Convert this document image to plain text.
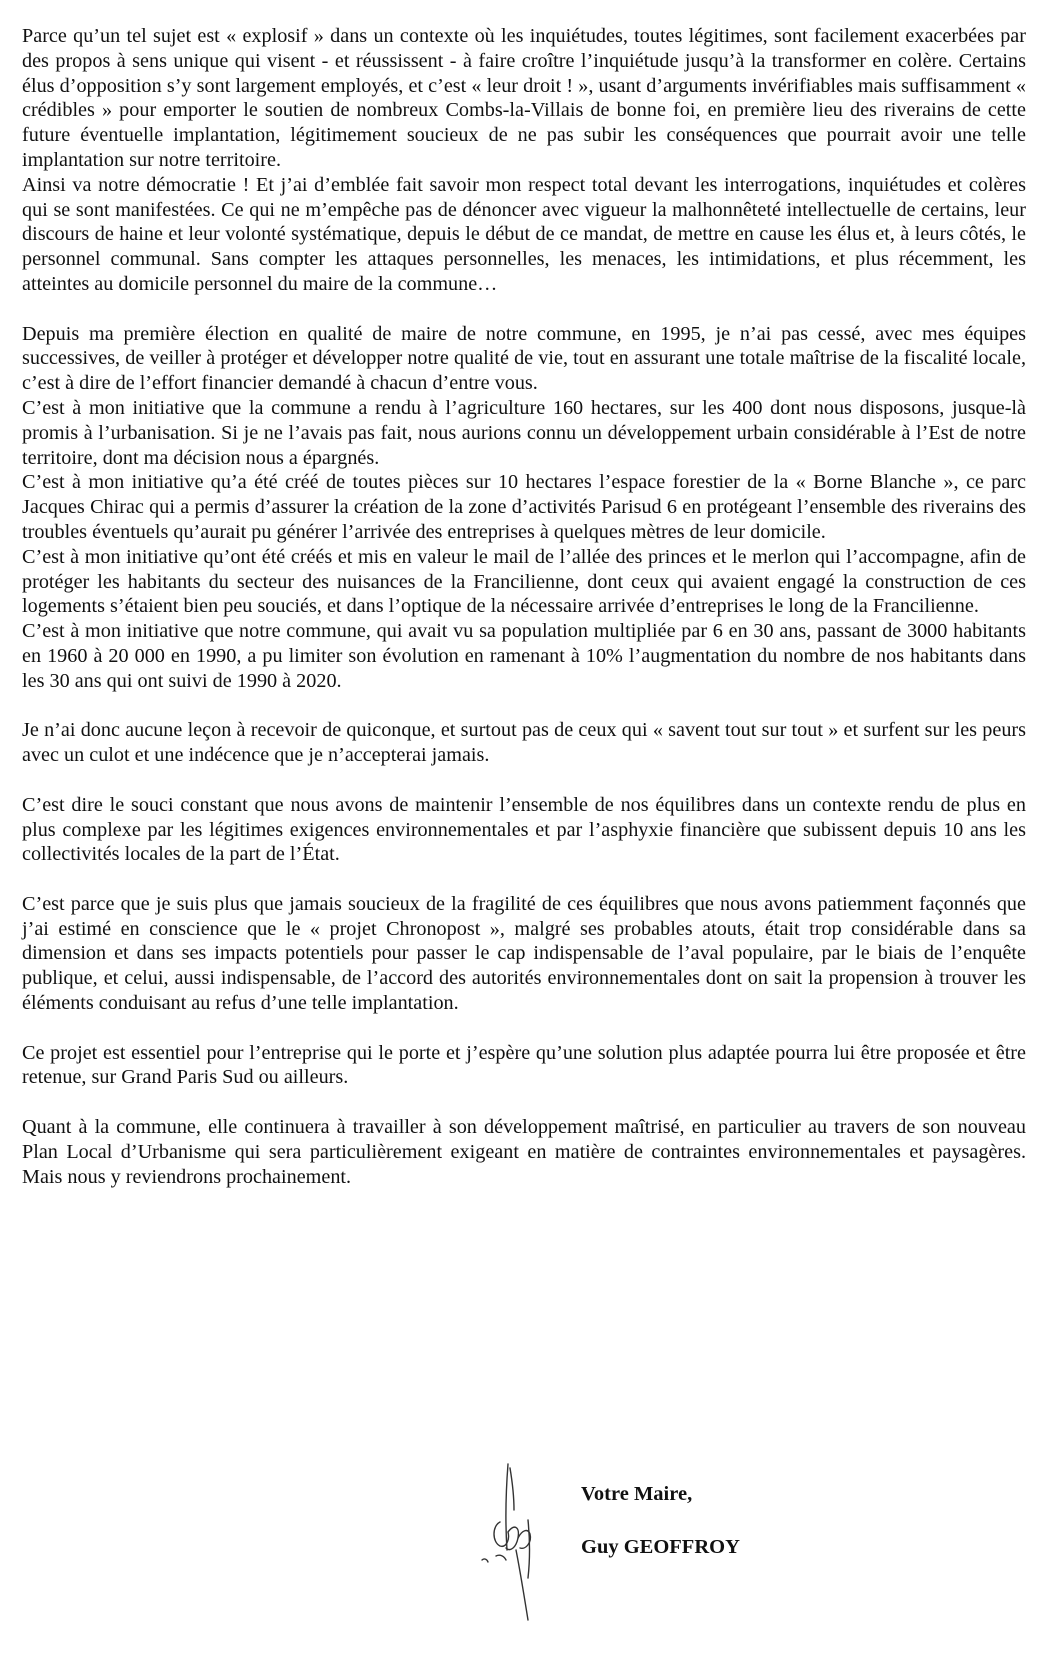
Parce qu’un tel sujet est « explosif » dans un contexte où les inquiétudes, toutes légitimes, sont facilement exacerbées par des propos à sens unique qui visent - et réussissent - à faire croître l’inquiétude jusqu’à la transformer en colère. Certains élus d’opposition s’y sont largement employés, et c’est « leur droit ! », usant d’arguments invérifiables mais suffisamment « crédibles » pour emporter le soutien de nombreux Combs-la-Villais de bonne foi, en première lieu des riverains de cette future éventuelle implantation, légitimement soucieux de ne pas subir les conséquences que pourrait avoir une telle implantation sur notre territoire.

Ainsi va notre démocratie ! Et j’ai d’emblée fait savoir mon respect total devant les interrogations, inquiétudes et colères qui se sont manifestées. Ce qui ne m’empêche pas de dénoncer avec vigueur la malhonnêteté intellectuelle de certains, leur discours de haine et leur volonté systématique, depuis le début de ce mandat, de mettre en cause les élus et, à leurs côtés, le personnel communal. Sans compter les attaques personnelles, les menaces, les intimidations, et plus récemment, les atteintes au domicile personnel du maire de la commune…

Depuis ma première élection en qualité de maire de notre commune, en 1995, je n’ai pas cessé, avec mes équipes successives, de veiller à protéger et développer notre qualité de vie, tout en assurant une totale maîtrise de la fiscalité locale, c’est à dire de l’effort financier demandé à chacun d’entre vous.

C’est à mon initiative que la commune a rendu à l’agriculture 160 hectares, sur les 400 dont nous disposons, jusque-là promis à l’urbanisation. Si je ne l’avais pas fait, nous aurions connu un développement urbain considérable à l’Est de notre territoire, dont ma décision nous a épargnés.

C’est à mon initiative qu’a été créé de toutes pièces sur 10 hectares l’espace forestier de la « Borne Blanche », ce parc Jacques Chirac qui a permis d’assurer la création de la zone d’activités Parisud 6 en protégeant l’ensemble des riverains des troubles éventuels qu’aurait pu générer l’arrivée des entreprises à quelques mètres de leur domicile.

C’est à mon initiative qu’ont été créés et mis en valeur le mail de l’allée des princes et le merlon qui l’accompagne, afin de protéger les habitants du secteur des nuisances de la Francilienne, dont ceux qui avaient engagé la construction de ces logements s’étaient bien peu souciés, et dans l’optique de la nécessaire arrivée d’entreprises le long de la Francilienne.

C’est à mon initiative que notre commune, qui avait vu sa population multipliée par 6 en 30 ans, passant de 3000 habitants en 1960 à 20 000 en 1990, a pu limiter son évolution en ramenant à 10% l’augmentation du nombre de nos habitants dans les 30 ans qui ont suivi de 1990 à 2020.

Je n’ai donc aucune leçon à recevoir de quiconque, et surtout pas de ceux qui « savent tout sur tout » et surfent sur les peurs avec un culot et une indécence que je n’accepterai jamais.

C’est dire le souci constant que nous avons de maintenir l’ensemble de nos équilibres dans un contexte rendu de plus en plus complexe par les légitimes exigences environnementales et par l’asphyxie financière que subissent depuis 10 ans les collectivités locales de la part de l’État.

C’est parce que je suis plus que jamais soucieux de la fragilité de ces équilibres que nous avons patiemment façonnés que j’ai estimé en conscience que le « projet Chronopost », malgré ses probables atouts, était trop considérable dans sa dimension et dans ses impacts potentiels pour passer le cap indispensable de l’aval populaire, par le biais de l’enquête publique, et celui, aussi indispensable, de l’accord des autorités environnementales dont on sait la propension à trouver les éléments conduisant au refus d’une telle implantation.

Ce projet est essentiel pour l’entreprise qui le porte et j’espère qu’une solution plus adaptée pourra lui être proposée et être retenue, sur Grand Paris Sud ou ailleurs.

Quant à la commune, elle continuera à travailler à son développement maîtrisé, en particulier au travers de son nouveau Plan Local d’Urbanisme qui sera particulièrement exigeant en matière de contraintes environnementales et paysagères. Mais nous y reviendrons prochainement.

Votre Maire,
Guy GEOFFROY
